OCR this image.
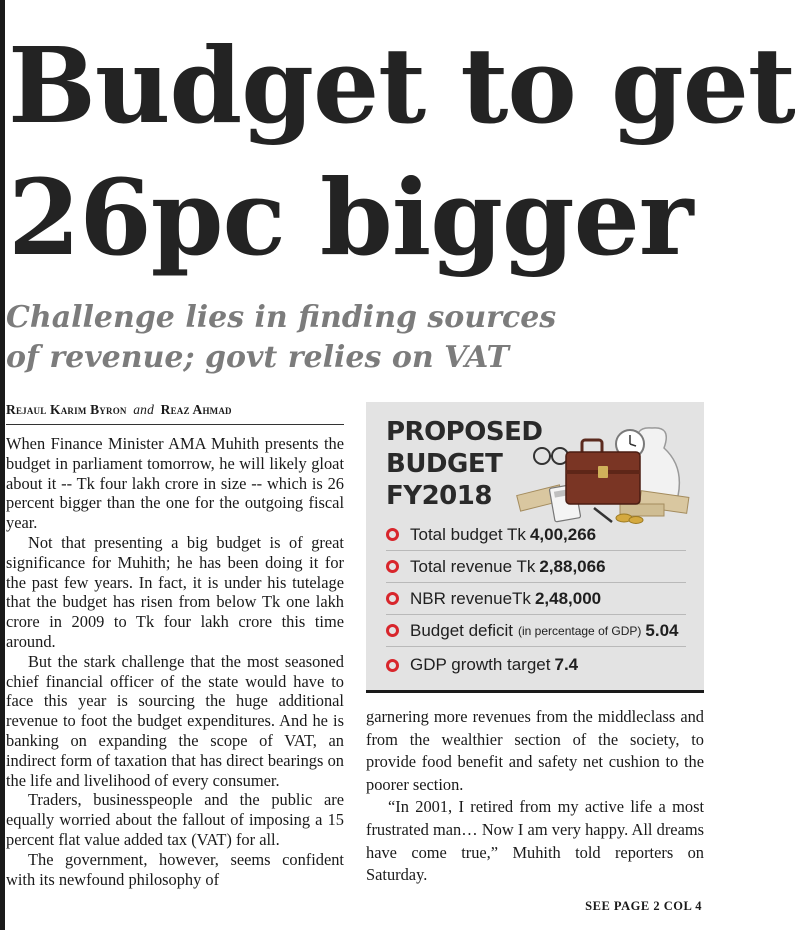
Budget to get
26pc bigger
Challenge lies in finding sources
of revenue; govt relies on VAT
Rejaul Karim Byron and Reaz Ahmad

When Finance Minister AMA Muhith presents the budget in parliament tomorrow, he will likely gloat about it -- Tk four lakh crore in size -- which is 26 percent bigger than the one for the outgoing fiscal year.

Not that presenting a big budget is of great significance for Muhith; he has been doing it for the past few years. In fact, it is under his tutelage that the budget has risen from below Tk one lakh crore in 2009 to Tk four lakh crore this time around.

But the stark challenge that the most seasoned chief financial officer of the state would have to face this year is sourcing the huge additional revenue to foot the budget expenditures. And he is banking on expanding the scope of VAT, an indirect form of taxation that has direct bearings on the life and livelihood of every consumer.

Traders, businesspeople and the public are equally worried about the fallout of imposing a 15 percent flat value added tax (VAT) for all.

The government, however, seems confident with its newfound philosophy of

PROPOSED
BUDGET
FY2018
Total budget Tk 4,00,266
Total revenue Tk 2,88,066
NBR revenueTk 2,48,000
Budget deficit (in percentage of GDP) 5.04
GDP growth target 7.4

garnering more revenues from the middleclass and from the wealthier section of the society, to provide food benefit and safety net cushion to the poorer section.

“In 2001, I retired from my active life a most frustrated man… Now I am very happy. All dreams have come true,” Muhith told reporters on Saturday.

SEE PAGE 2 COL 4
